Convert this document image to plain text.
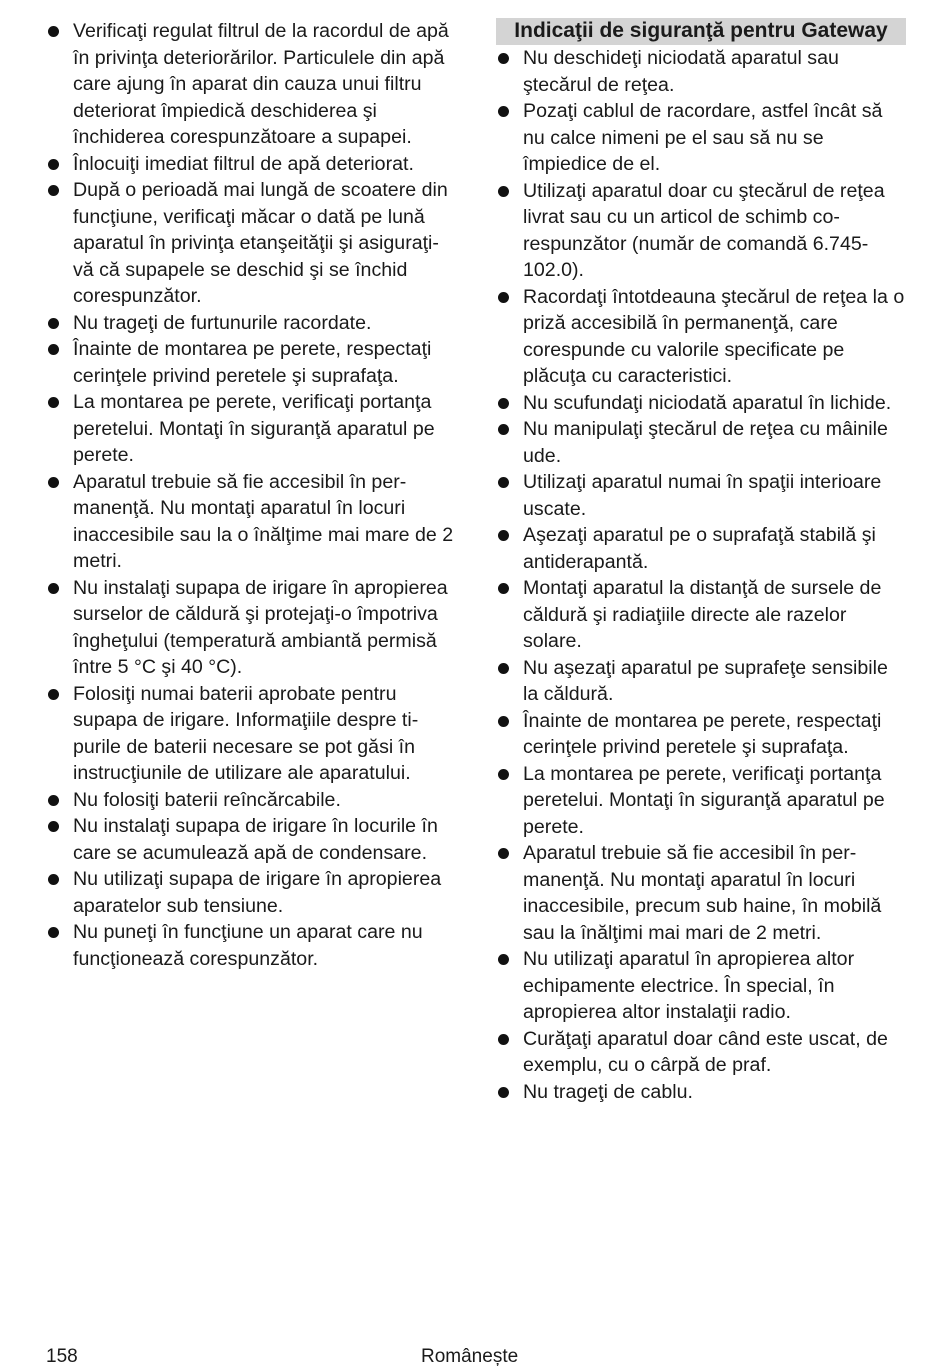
Verificaţi regulat filtrul de la racordul de apă în privinţa deteriorărilor. Particulele din apă care ajung în aparat din cauza unui filtru deteriorat împiedică deschiderea şi închiderea corespunzătoare a supapei.
Înlocuiţi imediat filtrul de apă deteriorat.
După o perioadă mai lungă de scoatere din funcţiune, verificaţi măcar o dată pe lună aparatul în privinţa etanşeităţii şi asiguraţi-vă că supapele se deschid şi se închid corespunzător.
Nu trageţi de furtunurile racordate.
Înainte de montarea pe perete, respectaţi cerinţele privind peretele şi suprafaţa.
La montarea pe perete, verificaţi portanţa peretelui. Montaţi în siguranţă aparatul pe perete.
Aparatul trebuie să fie accesibil în permanenţă. Nu montaţi aparatul în locuri inaccesibile sau la o înălţime mai mare de 2 metri.
Nu instalaţi supapa de irigare în apropierea surselor de căldură şi protejaţi-o împotriva îngheţului (temperatură ambiantă permisă între 5 °C şi 40 °C).
Folosiţi numai baterii aprobate pentru supapa de irigare. Informaţiile despre tipurile de baterii necesare se pot găsi în instrucţiunile de utilizare ale aparatului.
Nu folosiţi baterii reîncărcabile.
Nu instalaţi supapa de irigare în locurile în care se acumulează apă de condensare.
Nu utilizaţi supapa de irigare în apropierea aparatelor sub tensiune.
Nu puneţi în funcţiune un aparat care nu funcţionează corespunzător.
Indicaţii de siguranţă pentru Gateway
Nu deschideţi niciodată aparatul sau ştecărul de reţea.
Pozaţi cablul de racordare, astfel încât să nu calce nimeni pe el sau să nu se împiedice de el.
Utilizaţi aparatul doar cu ştecărul de reţea livrat sau cu un articol de schimb corespunzător (număr de comandă 6.745-102.0).
Racordaţi întotdeauna ştecărul de reţea la o priză accesibilă în permanenţă, care corespunde cu valorile specificate pe plăcuţa cu caracteristici.
Nu scufundaţi niciodată aparatul în lichide.
Nu manipulaţi ştecărul de reţea cu mâinile ude.
Utilizaţi aparatul numai în spaţii interioare uscate.
Aşezaţi aparatul pe o suprafaţă stabilă şi antiderapantă.
Montaţi aparatul la distanţă de sursele de căldură şi radiaţiile directe ale razelor solare.
Nu aşezaţi aparatul pe suprafeţe sensibile la căldură.
Înainte de montarea pe perete, respectaţi cerinţele privind peretele şi suprafaţa.
La montarea pe perete, verificaţi portanţa peretelui. Montaţi în siguranţă aparatul pe perete.
Aparatul trebuie să fie accesibil în permanenţă. Nu montaţi aparatul în locuri inaccesibile, precum sub haine, în mobilă sau la înălţimi mai mari de 2 metri.
Nu utilizaţi aparatul în apropierea altor echipamente electrice. În special, în apropierea altor instalaţii radio.
Curăţaţi aparatul doar când este uscat, de exemplu, cu o cârpă de praf.
Nu trageţi de cablu.
158	Românește
